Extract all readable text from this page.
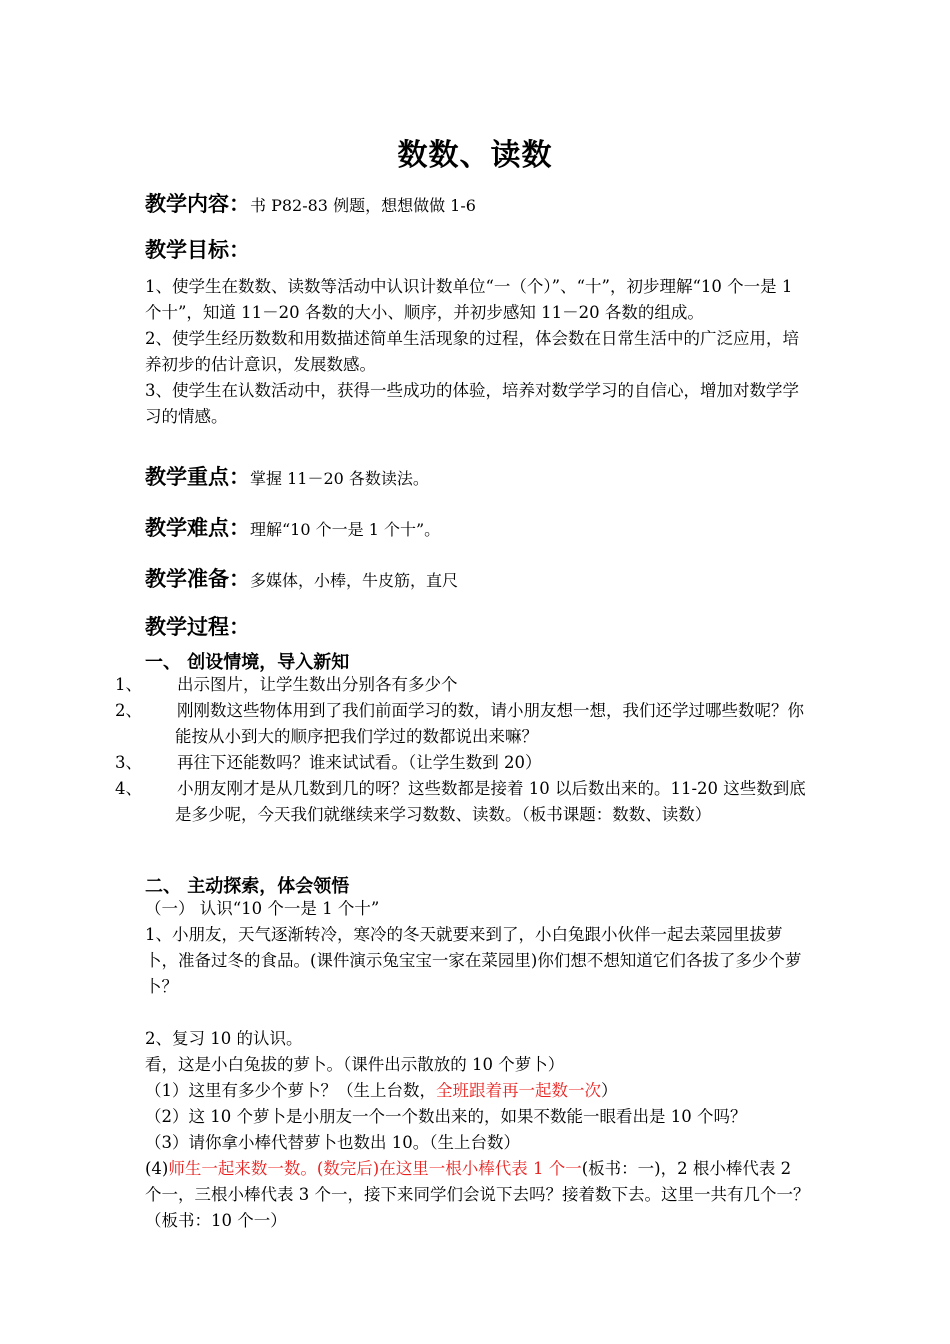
数数、读数
教学内容：书 P82-83 例题，想想做做 1-6
教学目标：
1、使学生在数数、读数等活动中认识计数单位“一（个）”、“十”，初步理解“10 个一是 1 个十”，知道 11－20 各数的大小、顺序，并初步感知 11－20 各数的组成。
2、使学生经历数数和用数描述简单生活现象的过程，体会数在日常生活中的广泛应用，培养初步的估计意识，发展数感。
3、使学生在认数活动中，获得一些成功的体验，培养对数学学习的自信心，增加对数学学习的情感。
教学重点：掌握 11－20 各数读法。
教学难点：理解“10 个一是 1 个十”。
教学准备：多媒体，小棒，牛皮筋，直尺
教学过程：
一、 创设情境，导入新知
1、 出示图片，让学生数出分别各有多少个
2、 刚刚数这些物体用到了我们前面学习的数，请小朋友想一想，我们还学过哪些数呢？你能按从小到大的顺序把我们学过的数都说出来嘛？
3、 再往下还能数吗？谁来试试看。（让学生数到 20）
4、 小朋友刚才是从几数到几的呀？这些数都是接着 10 以后数出来的。11-20 这些数到底是多少呢，今天我们就继续来学习数数、读数。（板书课题：数数、读数）
二、 主动探索，体会领悟
（一） 认识“10 个一是 1 个十”
1、小朋友，天气逐渐转冷，寒冷的冬天就要来到了，小白兔跟小伙伴一起去菜园里拔萝卜，准备过冬的食品。(课件演示兔宝宝一家在菜园里)你们想不想知道它们各拔了多少个萝卜？
2、复习 10 的认识。
看，这是小白兔拔的萝卜。（课件出示散放的 10 个萝卜）
（1）这里有多少个萝卜？（生上台数，全班跟着再一起数一次）
（2）这 10 个萝卜是小朋友一个一个数出来的，如果不数能一眼看出是 10 个吗？
（3）请你拿小棒代替萝卜也数出 10。（生上台数）
(4)师生一起来数一数。(数完后)在这里一根小棒代表 1 个一(板书：一)，2 根小棒代表 2 个一，三根小棒代表 3 个一，接下来同学们会说下去吗？接着数下去。这里一共有几个一？（板书：10 个一）
